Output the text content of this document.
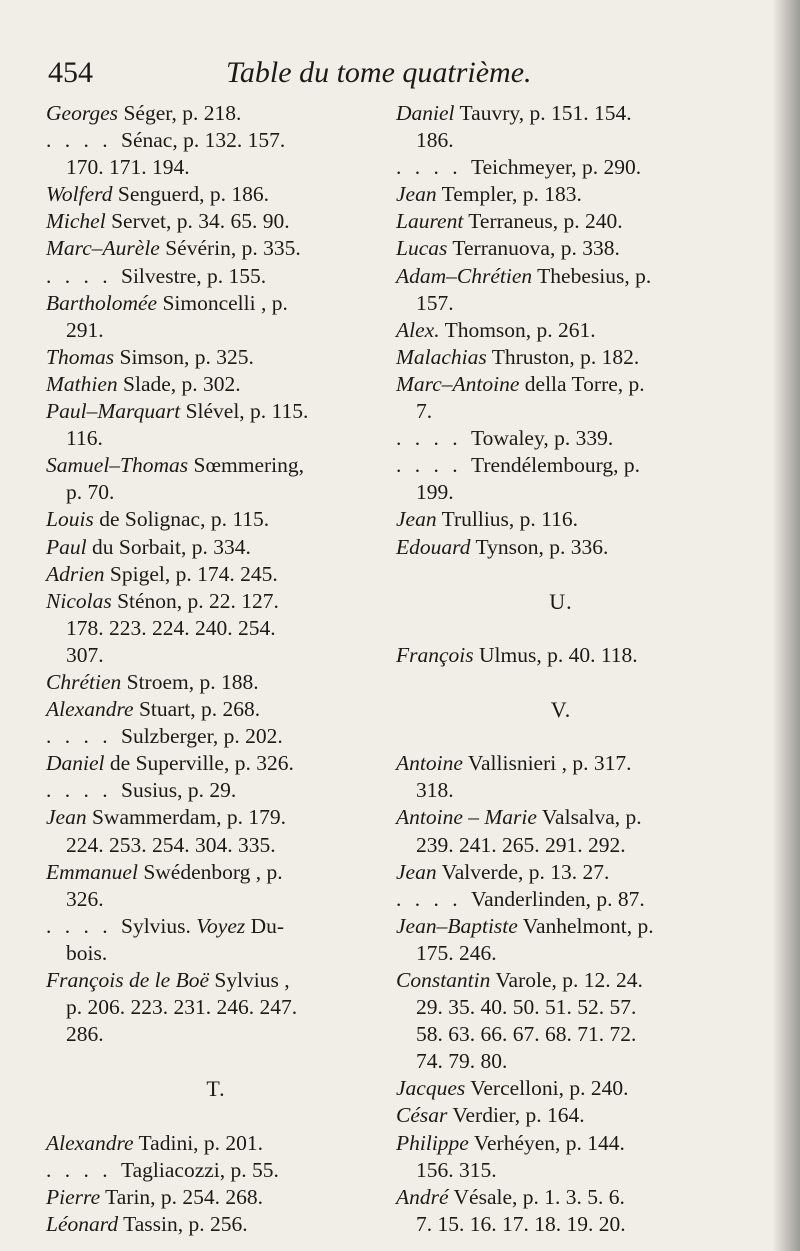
454	Table du tome quatrième.
Georges Séger, p. 218.
. . . . Sénac, p. 132. 157.
170. 171. 194.
Wolferd Senguerd, p. 186.
Michel Servet, p. 34. 65. 90.
Marc–Aurèle Sévérin, p. 335.
. . . . Silvestre, p. 155.
Bartholomée Simoncelli , p.
291.
Thomas Simson, p. 325.
Mathien Slade, p. 302.
Paul–Marquart Slével, p. 115.
116.
Samuel–Thomas Sœmmering,
p. 70.
Louis de Solignac, p. 115.
Paul du Sorbait, p. 334.
Adrien Spigel, p. 174. 245.
Nicolas Sténon, p. 22. 127.
178. 223. 224. 240. 254.
307.
Chrétien Stroem, p. 188.
Alexandre Stuart, p. 268.
. . . . Sulzberger, p. 202.
Daniel de Superville, p. 326.
. . . . Susius, p. 29.
Jean Swammerdam, p. 179.
224. 253. 254. 304. 335.
Emmanuel Swédenborg , p.
326.
. . . . Sylvius. Voyez Du-
bois.
François de le Boë Sylvius ,
p. 206. 223. 231. 246. 247.
286.
T.
Alexandre Tadini, p. 201.
. . . . Tagliacozzi, p. 55.
Pierre Tarin, p. 254. 268.
Léonard Tassin, p. 256.
Daniel Tauvry, p. 151. 154.
186.
. . . . Teichmeyer, p. 290.
Jean Templer, p. 183.
Laurent Terraneus, p. 240.
Lucas Terranuova, p. 338.
Adam–Chrétien Thebesius, p.
157.
Alex. Thomson, p. 261.
Malachias Thruston, p. 182.
Marc–Antoine della Torre, p.
7.
. . . . Towaley, p. 339.
. . . . Trendélembourg, p.
199.
Jean Trullius, p. 116.
Edouard Tynson, p. 336.
U.
François Ulmus, p. 40. 118.
V.
Antoine Vallisnieri , p. 317.
318.
Antoine – Marie Valsalva, p.
239. 241. 265. 291. 292.
Jean Valverde, p. 13. 27.
. . . . Vanderlinden, p. 87.
Jean–Baptiste Vanhelmont, p.
175. 246.
Constantin Varole, p. 12. 24.
29. 35. 40. 50. 51. 52. 57.
58. 63. 66. 67. 68. 71. 72.
74. 79. 80.
Jacques Vercelloni, p. 240.
César Verdier, p. 164.
Philippe Verhéyen, p. 144.
156. 315.
André Vésale, p. 1. 3. 5. 6.
7. 15. 16. 17. 18. 19. 20.
